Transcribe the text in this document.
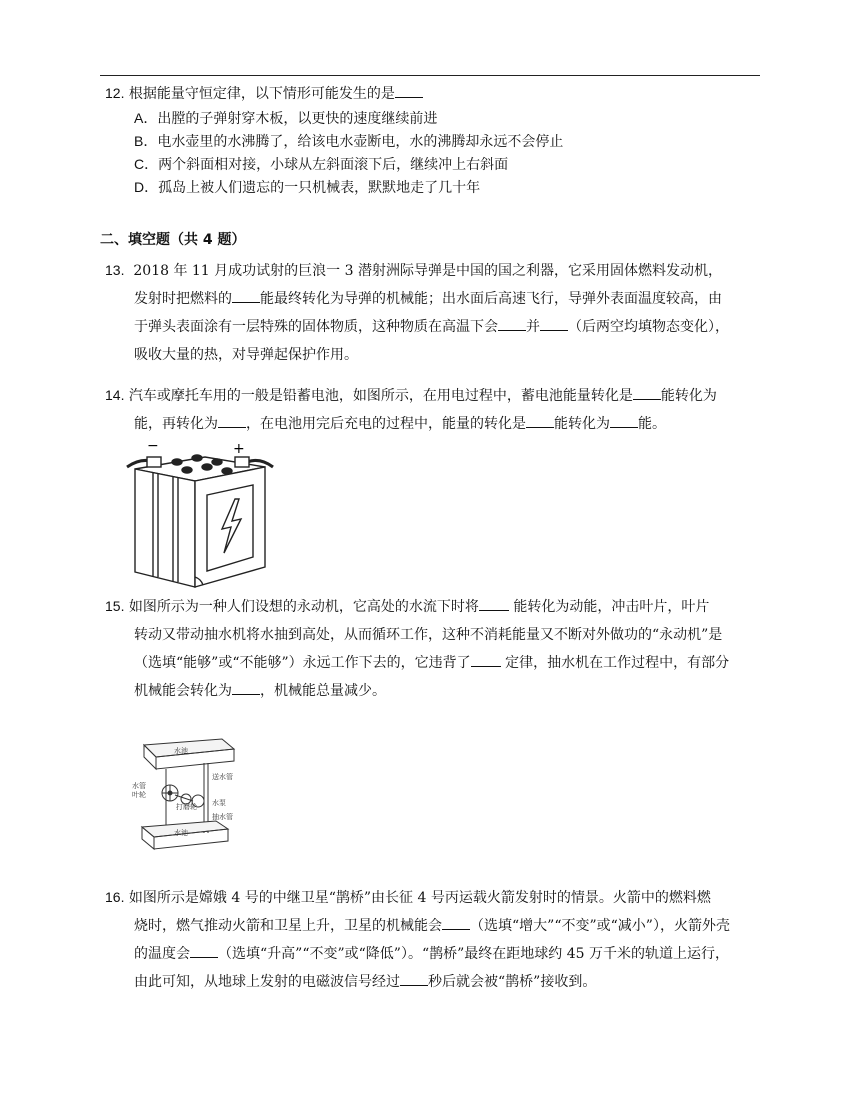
12. 根据能量守恒定律，以下情形可能发生的是
A．出膛的子弹射穿木板，以更快的速度继续前进
B．电水壶里的水沸腾了，给该电水壶断电，水的沸腾却永远不会停止
C．两个斜面相对接，小球从左斜面滚下后，继续冲上右斜面
D．孤岛上被人们遗忘的一只机械表，默默地走了几十年
二、填空题（共 4 题）
13. 2018 年 11 月成功试射的巨浪一 3 潜射洲际导弹是中国的国之利器，它采用固体燃料发动机，
发射时把燃料的 能最终转化为导弹的机械能；出水面后高速飞行，导弹外表面温度较高，由
于弹头表面涂有一层特殊的固体物质，这种物质在高温下会 并 （后两空均填物态变化），
吸收大量的热，对导弹起保护作用。
14. 汽车或摩托车用的一般是铅蓄电池，如图所示，在用电过程中，蓄电池能量转化是 能转化为
能，再转化为 ，在电池用完后充电的过程中，能量的转化是 能转化为 能。
−	+
15. 如图所示为一种人们设想的永动机，它高处的水流下时将 能转化为动能，冲击叶片，叶片
转动又带动抽水机将水抽到高处，从而循环工作，这种不消耗能量又不断对外做功的“永动机”是
（选填“能够”或“不能够”）永远工作下去的，它违背了 定律，抽水机在工作过程中，有部分
机械能会转化为 ，机械能总量减少。
水池
送水管
水管
叶轮
打磨轮 水泵
抽水管
水池
16. 如图所示是嫦娥 4 号的中继卫星“鹊桥”由长征 4 号丙运载火箭发射时的情景。火箭中的燃料燃
烧时，燃气推动火箭和卫星上升，卫星的机械能会 （选填“增大”“不变”或“减小”），火箭外壳
的温度会 （选填“升高”“不变”或“降低”）。“鹊桥”最终在距地球约 45 万千米的轨道上运行，
由此可知，从地球上发射的电磁波信号经过 秒后就会被“鹊桥”接收到。
